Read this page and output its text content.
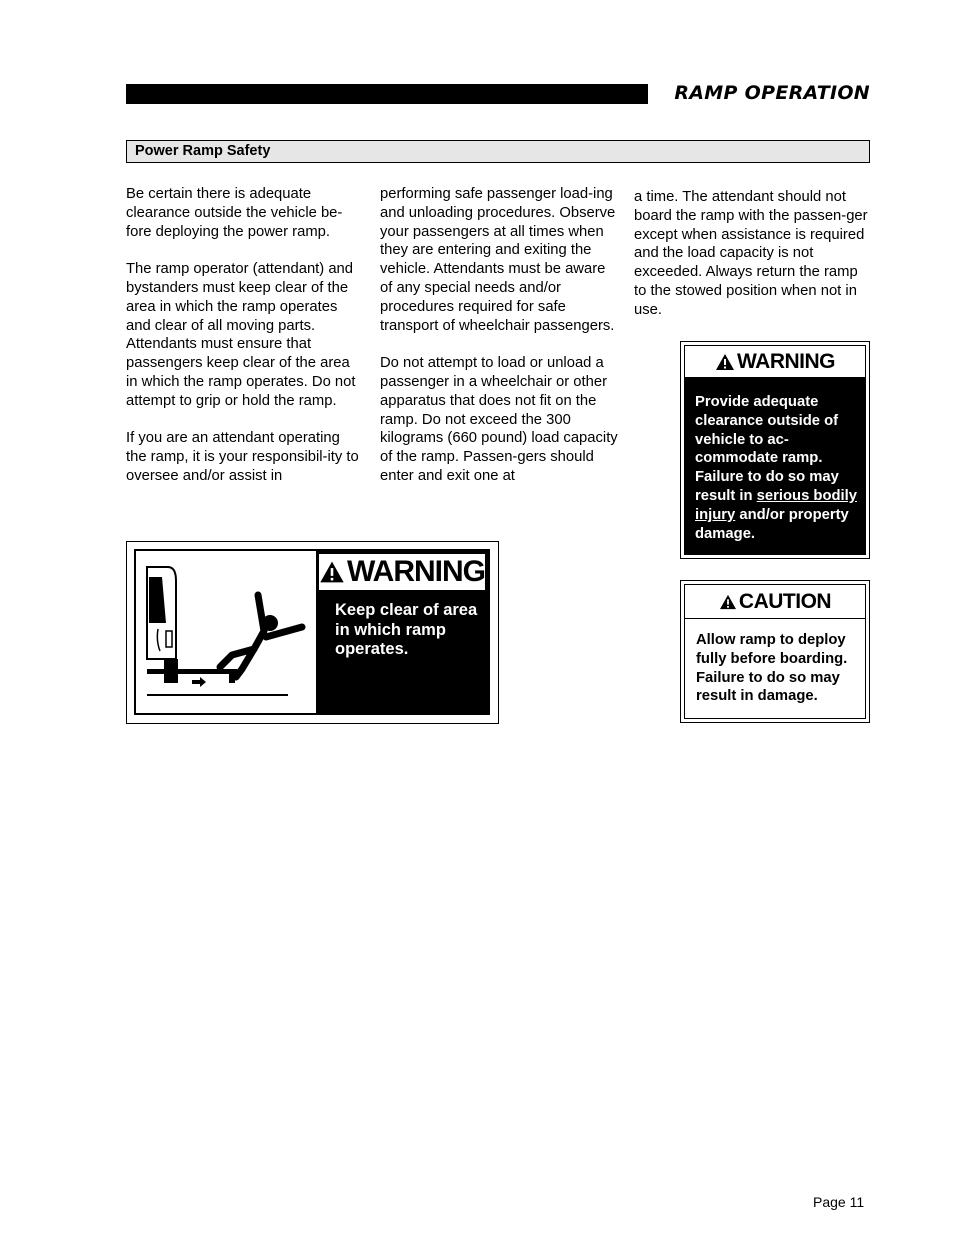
RAMP OPERATION
Power Ramp Safety

Be certain there is adequate clearance outside the vehicle be-fore deploying the power ramp.

The ramp operator (attendant) and bystanders must keep clear of the area in which the ramp operates and clear of all moving parts. Attendants must ensure that passengers keep clear of the area in which the ramp operates. Do not attempt to grip or hold the ramp.

If you are an attendant operating the ramp, it is your responsibil-ity to oversee and/or assist in

performing safe passenger load-ing and unloading procedures. Observe your passengers at all times when they are entering and exiting the vehicle. Attendants must be aware of any special needs and/or procedures required for safe transport of wheelchair passengers.

Do not attempt to load or unload a passenger in a wheelchair or other apparatus that does not fit on the ramp. Do not exceed the 300 kilograms (660 pound) load capacity of the ramp. Passen-gers should enter and exit one at

a time. The attendant should not board the ramp with the passen-ger except when assistance is required and the load capacity is not exceeded. Always return the ramp to the stowed position when not in use.

WARNING
Provide adequate clearance outside of vehicle to ac-commodate ramp. Failure to do so may result in serious bodily injury and/or property damage.
CAUTION
Allow ramp to deploy fully before boarding. Failure to do so may result in damage.
WARNING
Keep clear of area in which ramp operates.
Page 11
